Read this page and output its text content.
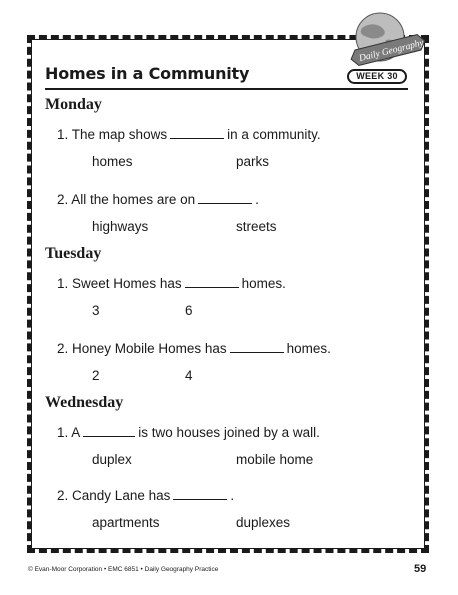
Daily Geography
WEEK 30
Homes in a Community
Monday
1. The map shows	in a community.
homes	parks
2. All the homes are on	.
highways	streets
Tuesday
1. Sweet Homes has	homes.
3	6
2. Honey Mobile Homes has	homes.
2	4
Wednesday
1. A	is two houses joined by a wall.
duplex	mobile home
2. Candy Lane has	.
apartments	duplexes
© Evan-Moor Corporation • EMC 6851 • Daily Geography Practice	59
